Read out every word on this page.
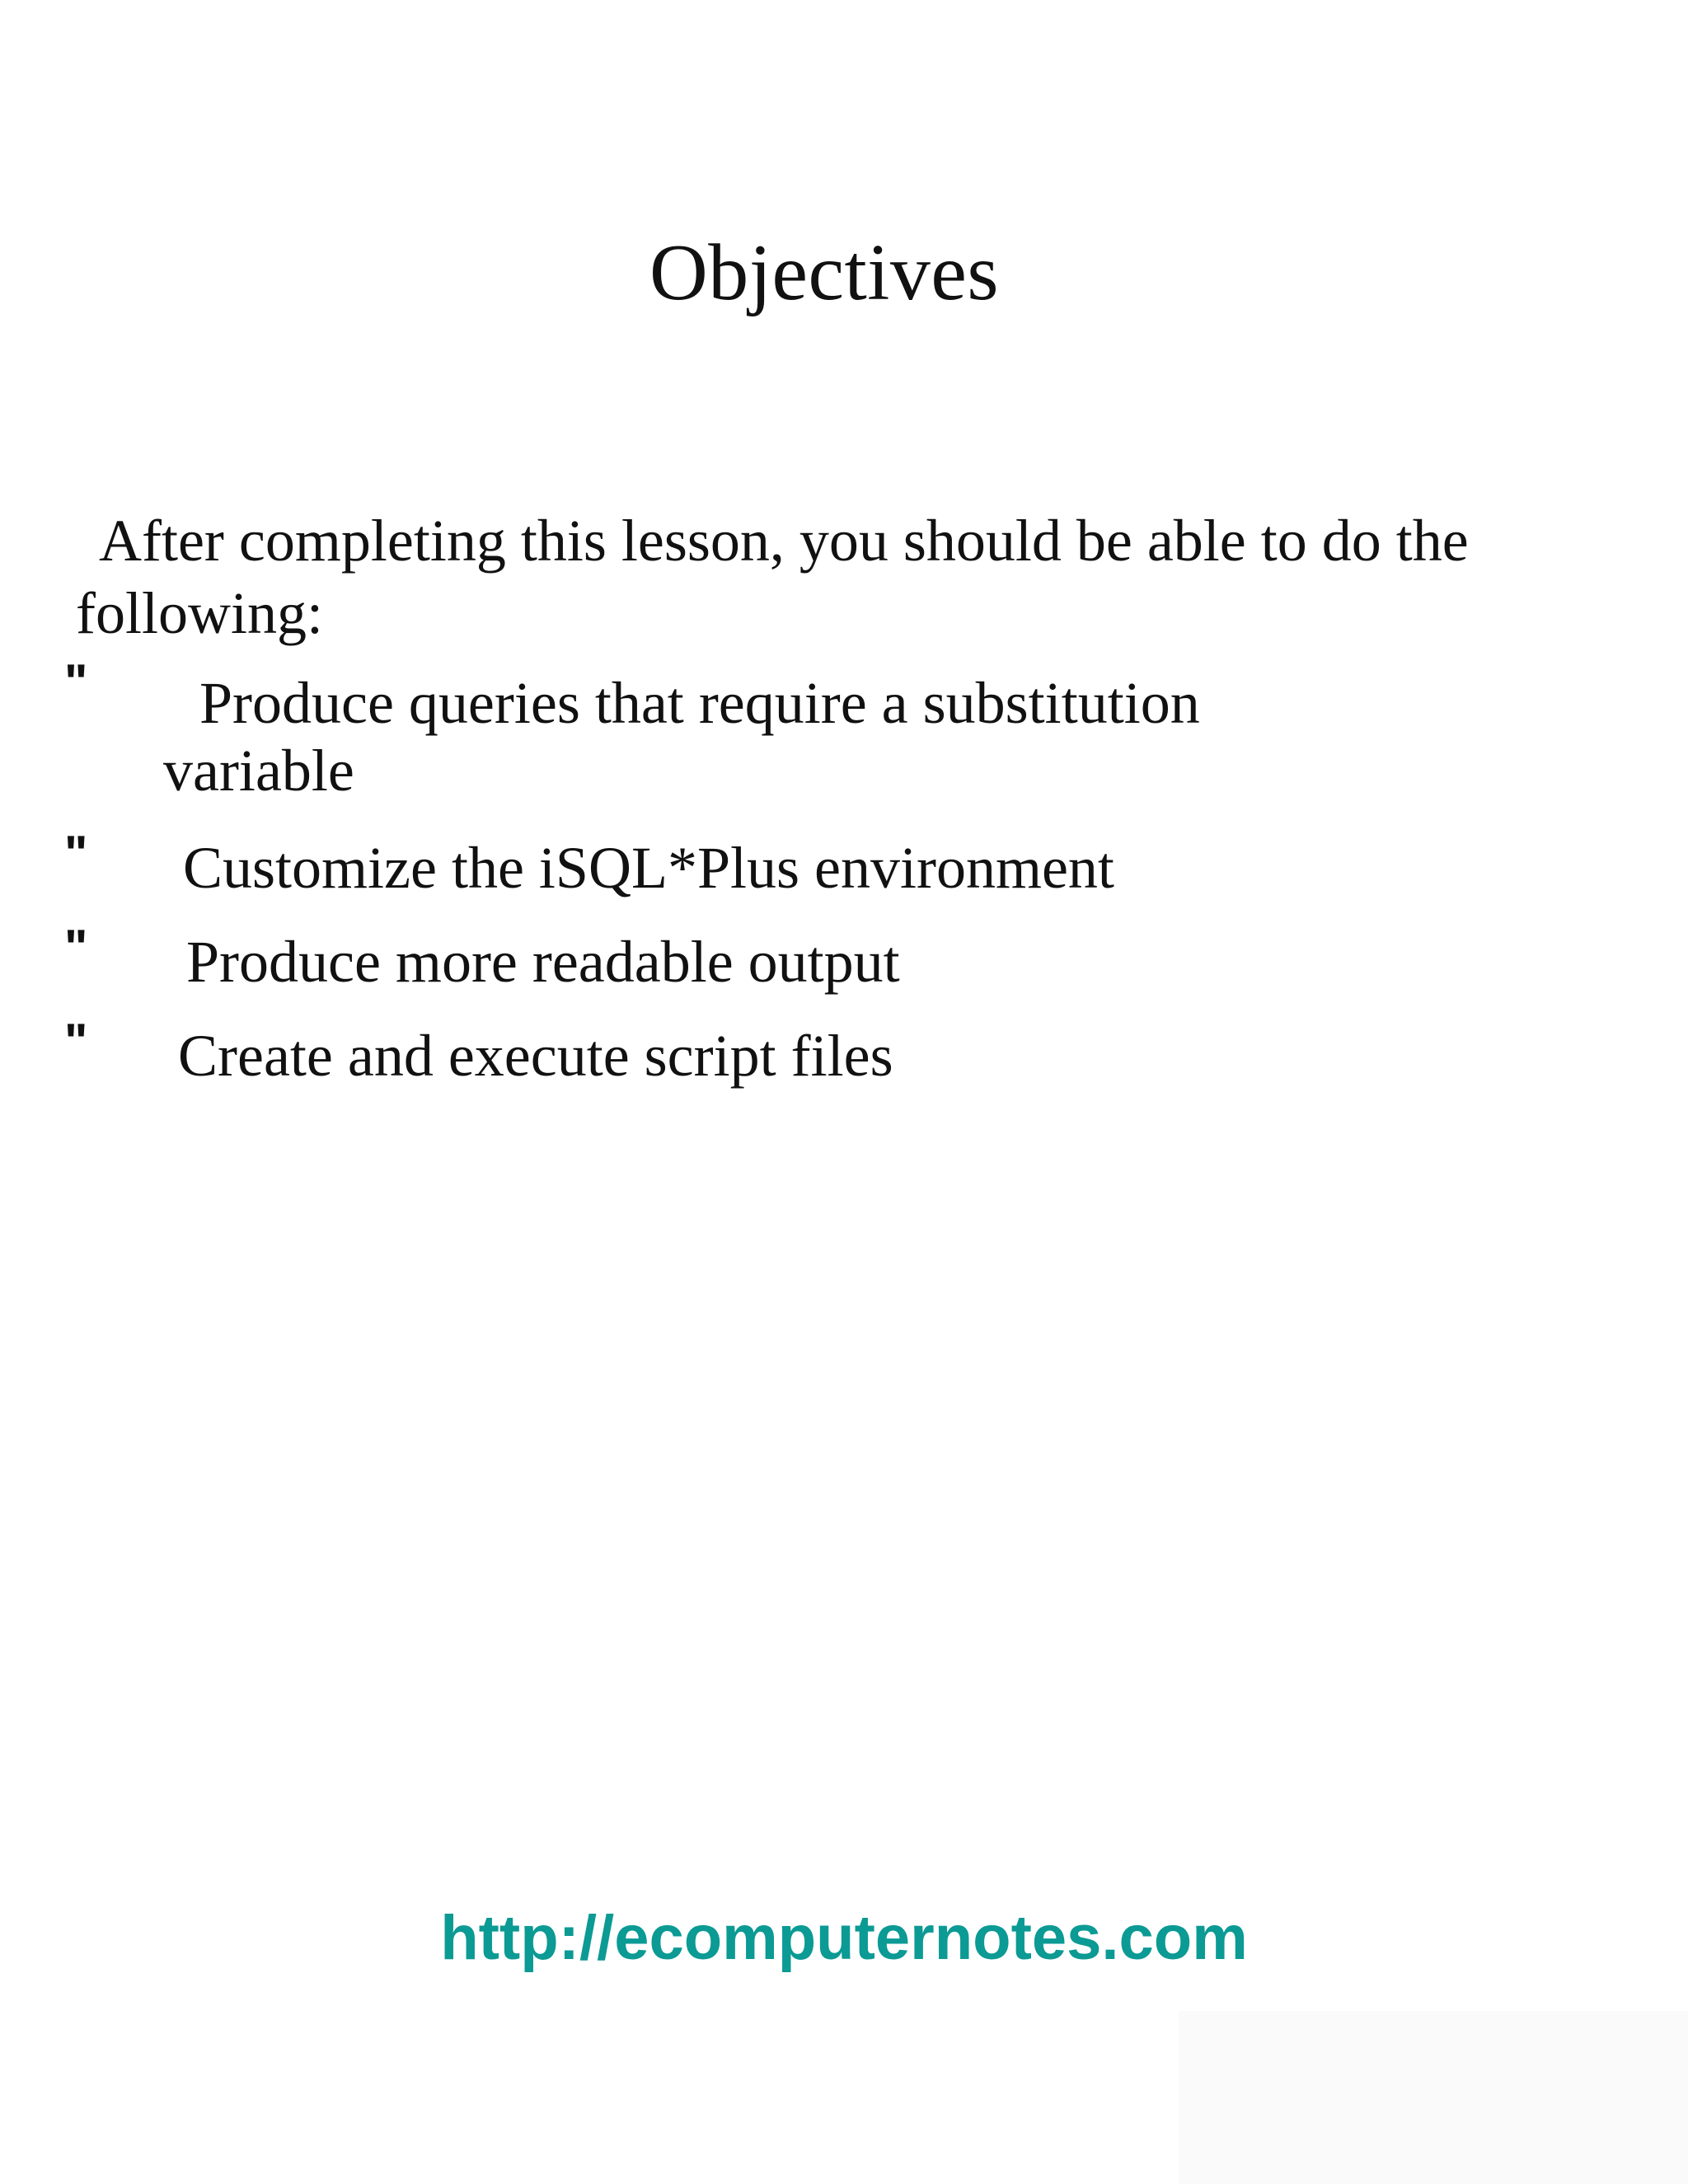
Objectives

After completing this lesson, you should be able to do the following:

" Produce queries that require a substitution
variable
" Customize the iSQL*Plus environment
" Produce more readable output
" Create and execute script files
http://ecomputernotes.com
